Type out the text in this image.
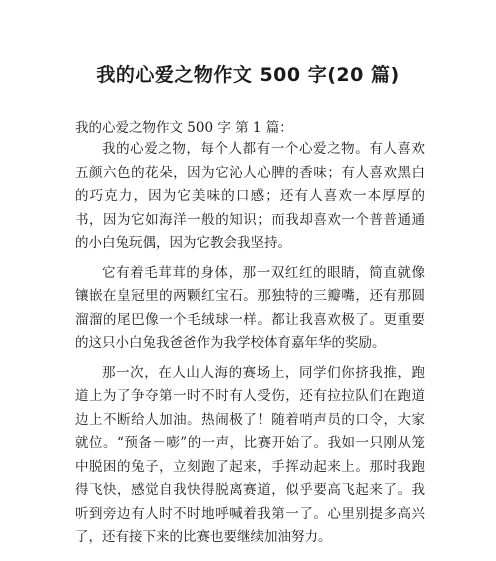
我的心爱之物作文 500 字(20 篇)

我的心爱之物作文 500 字 第 1 篇：

我的心爱之物，每个人都有一个心爱之物。有人喜欢五颜六色的花朵，因为它沁人心脾的香味；有人喜欢黑白的巧克力，因为它美味的口感；还有人喜欢一本厚厚的书，因为它如海洋一般的知识；而我却喜欢一个普普通通的小白兔玩偶，因为它教会我坚持。

它有着毛茸茸的身体，那一双红红的眼睛，简直就像镶嵌在皇冠里的两颗红宝石。那独特的三瓣嘴，还有那圆溜溜的尾巴像一个毛绒球一样。都让我喜欢极了。更重要的这只小白兔我爸爸作为我学校体育嘉年华的奖励。

那一次，在人山人海的赛场上，同学们你挤我推，跑道上为了争夺第一时不时有人受伤，还有拉拉队们在跑道边上不断给人加油。热闹极了！随着哨声员的口令，大家就位。“预备－嘭”的一声，比赛开始了。我如一只刚从笼中脱困的兔子，立刻跑了起来，手挥动起来上。那时我跑得飞快，感觉自我快得脱离赛道，似乎要高飞起来了。我听到旁边有人时不时地呼喊着我第一了。心里别提多高兴了，还有接下来的比赛也要继续加油努力。
